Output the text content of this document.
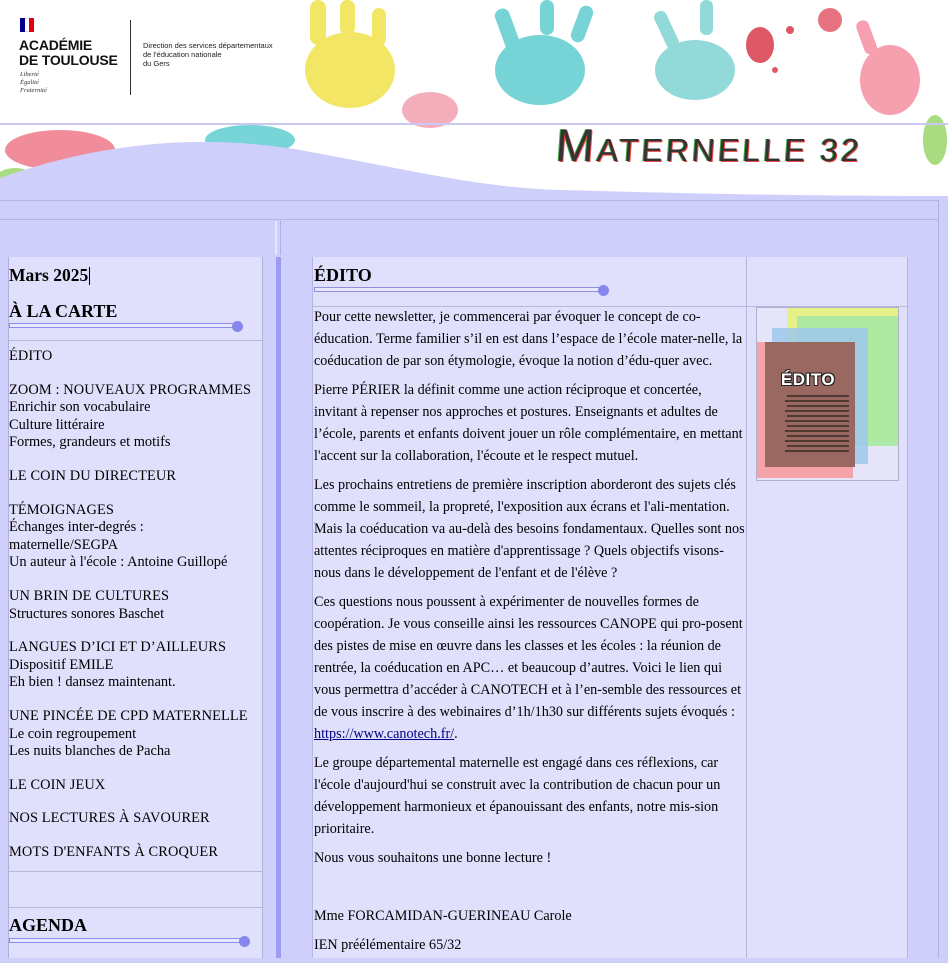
ACADÉMIE
DE TOULOUSE
Liberté
Égalité
Fraternité
Direction des services départementaux
de l'éducation nationale
du Gers
MATERNELLE 32
Mars 2025
À LA CARTE
ÉDITO
ZOOM : NOUVEAUX PROGRAMMES
Enrichir son vocabulaire
Culture littéraire
Formes, grandeurs et motifs
LE COIN DU DIRECTEUR
TÉMOIGNAGES
Échanges inter-degrés :
maternelle/SEGPA
Un auteur à l'école : Antoine Guillopé
UN BRIN DE CULTURES
Structures sonores Baschet
LANGUES D’ICI ET D’AILLEURS
Dispositif EMILE
Eh bien ! dansez maintenant.
UNE PINCÉE DE CPD MATERNELLE
Le coin regroupement
Les nuits blanches de Pacha
LE COIN JEUX
NOS LECTURES À SAVOURER
MOTS D'ENFANTS À CROQUER
AGENDA
ÉDITO

Pour cette newsletter, je commencerai par évoquer le concept de co-éducation. Terme familier s’il en est dans l’espace de l’école mater-nelle, la coéducation de par son étymologie, évoque la notion d’édu-quer avec.

Pierre PÉRIER la définit comme une action réciproque et concertée, invitant à repenser nos approches et postures. Enseignants et adultes de l’école, parents et enfants doivent jouer un rôle complémentaire, en mettant l'accent sur la collaboration, l'écoute et le respect mutuel.

Les prochains entretiens de première inscription aborderont des sujets clés comme le sommeil, la propreté, l'exposition aux écrans et l'ali-mentation. Mais la coéducation va au-delà des besoins fondamentaux. Quelles sont nos attentes réciproques en matière d'apprentissage ? Quels objectifs visons-nous dans le développement de l'enfant et de l'élève ?

Ces questions nous poussent à expérimenter de nouvelles formes de coopération. Je vous conseille ainsi les ressources CANOPE qui pro-posent des pistes de mise en œuvre dans les classes et les écoles : la réunion de rentrée, la coéducation en APC… et beaucoup d’autres. Voici le lien qui vous permettra d’accéder à CANOTECH et à l’en-semble des ressources et de vous inscrire à des webinaires d’1h/1h30 sur différents sujets évoqués : https://www.canotech.fr/.

Le groupe départemental maternelle est engagé dans ces réflexions, car l'école d'aujourd'hui se construit avec la contribution de chacun pour un développement harmonieux et épanouissant des enfants, notre mis-sion prioritaire.

Nous vous souhaitons une bonne lecture !

Mme FORCAMIDAN-GUERINEAU Carole

IEN préélémentaire 65/32

ÉDITO
